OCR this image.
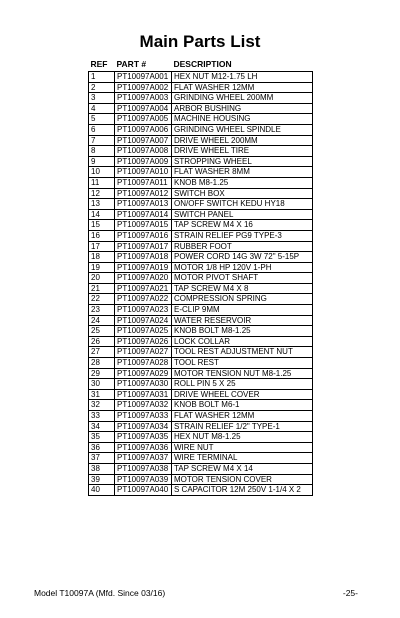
Main Parts List
REF	PART #	DESCRIPTION
1	PT10097A001	HEX NUT M12-1.75 LH
2	PT10097A002	FLAT WASHER 12MM
3	PT10097A003	GRINDING WHEEL 200MM
4	PT10097A004	ARBOR BUSHING
5	PT10097A005	MACHINE HOUSING
6	PT10097A006	GRINDING WHEEL SPINDLE
7	PT10097A007	DRIVE WHEEL 200MM
8	PT10097A008	DRIVE WHEEL TIRE
9	PT10097A009	STROPPING WHEEL
10	PT10097A010	FLAT WASHER 8MM
11	PT10097A011	KNOB M8-1.25
12	PT10097A012	SWITCH BOX
13	PT10097A013	ON/OFF SWITCH KEDU HY18
14	PT10097A014	SWITCH PANEL
15	PT10097A015	TAP SCREW M4 X 16
16	PT10097A016	STRAIN RELIEF PG9 TYPE-3
17	PT10097A017	RUBBER FOOT
18	PT10097A018	POWER CORD 14G 3W 72" 5-15P
19	PT10097A019	MOTOR 1/8 HP 120V 1-PH
20	PT10097A020	MOTOR PIVOT SHAFT
21	PT10097A021	TAP SCREW M4 X 8
22	PT10097A022	COMPRESSION SPRING
23	PT10097A023	E-CLIP 9MM
24	PT10097A024	WATER RESERVOIR
25	PT10097A025	KNOB BOLT M8-1.25
26	PT10097A026	LOCK COLLAR
27	PT10097A027	TOOL REST ADJUSTMENT NUT
28	PT10097A028	TOOL REST
29	PT10097A029	MOTOR TENSION NUT M8-1.25
30	PT10097A030	ROLL PIN 5 X 25
31	PT10097A031	DRIVE WHEEL COVER
32	PT10097A032	KNOB BOLT M6-1
33	PT10097A033	FLAT WASHER 12MM
34	PT10097A034	STRAIN RELIEF 1/2" TYPE-1
35	PT10097A035	HEX NUT M8-1.25
36	PT10097A036	WIRE NUT
37	PT10097A037	WIRE TERMINAL
38	PT10097A038	TAP SCREW M4 X 14
39	PT10097A039	MOTOR TENSION COVER
40	PT10097A040	S CAPACITOR 12M 250V 1-1/4 X 2
Model T10097A (Mfd. Since 03/16)	-25-
